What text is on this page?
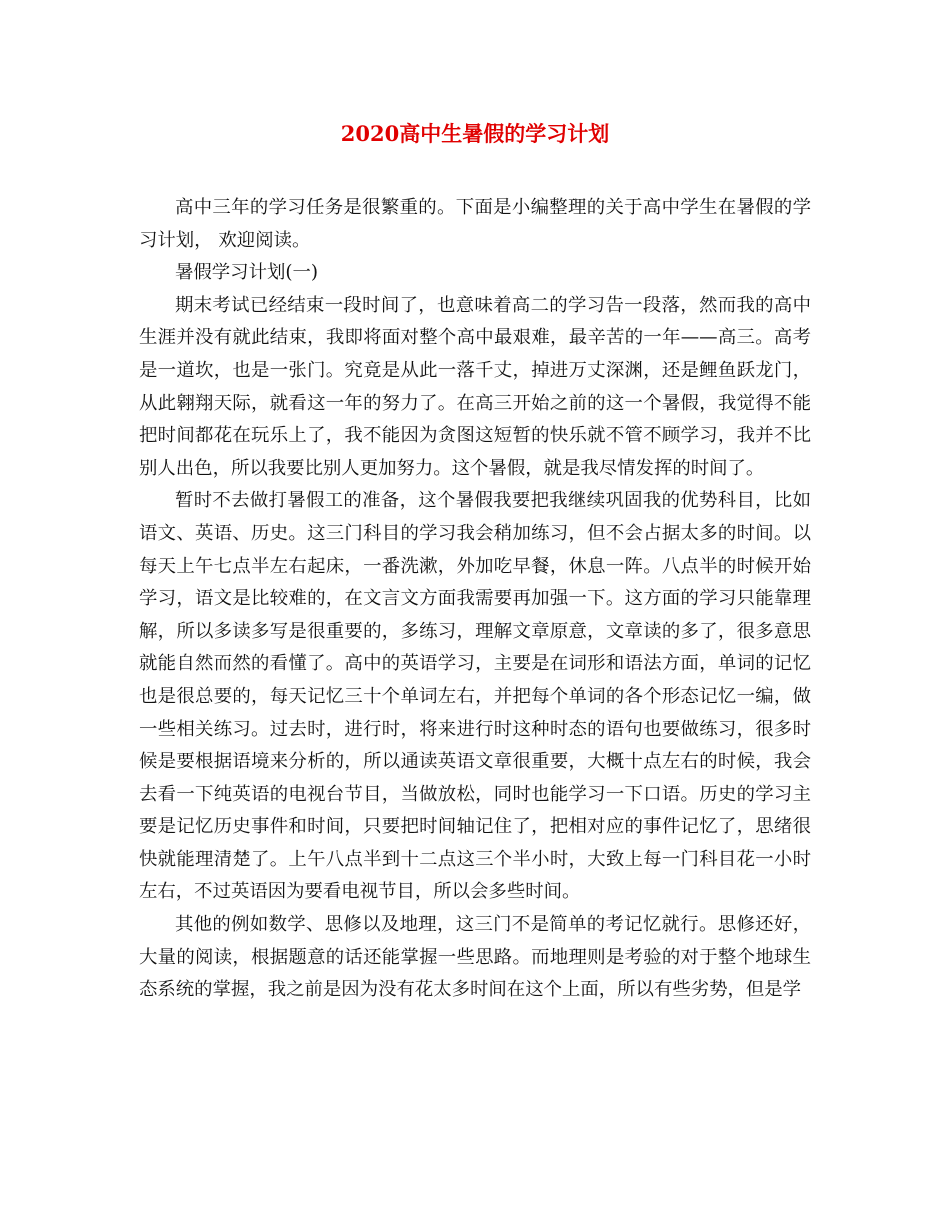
2020高中生暑假的学习计划

高中三年的学习任务是很繁重的。下面是小编整理的关于高中学生在暑假的学习计划， 欢迎阅读。

暑假学习计划(一)

期末考试已经结束一段时间了，也意味着高二的学习告一段落，然而我的高中生涯并没有就此结束，我即将面对整个高中最艰难，最辛苦的一年——高三。高考是一道坎，也是一张门。究竟是从此一落千丈，掉进万丈深渊，还是鲤鱼跃龙门，从此翱翔天际，就看这一年的努力了。在高三开始之前的这一个暑假，我觉得不能把时间都花在玩乐上了，我不能因为贪图这短暂的快乐就不管不顾学习，我并不比别人出色，所以我要比别人更加努力。这个暑假，就是我尽情发挥的时间了。

暂时不去做打暑假工的准备，这个暑假我要把我继续巩固我的优势科目，比如语文、英语、历史。这三门科目的学习我会稍加练习，但不会占据太多的时间。以每天上午七点半左右起床，一番洗漱，外加吃早餐，休息一阵。八点半的时候开始学习，语文是比较难的，在文言文方面我需要再加强一下。这方面的学习只能靠理解，所以多读多写是很重要的，多练习，理解文章原意，文章读的多了，很多意思就能自然而然的看懂了。高中的英语学习，主要是在词形和语法方面，单词的记忆也是很总要的，每天记忆三十个单词左右，并把每个单词的各个形态记忆一编，做一些相关练习。过去时，进行时，将来进行时这种时态的语句也要做练习，很多时候是要根据语境来分析的，所以通读英语文章很重要，大概十点左右的时候，我会去看一下纯英语的电视台节目，当做放松，同时也能学习一下口语。历史的学习主要是记忆历史事件和时间，只要把时间轴记住了，把相对应的事件记忆了，思绪很快就能理清楚了。上午八点半到十二点这三个半小时，大致上每一门科目花一小时左右，不过英语因为要看电视节目，所以会多些时间。

其他的例如数学、思修以及地理，这三门不是简单的考记忆就行。思修还好，大量的阅读，根据题意的话还能掌握一些思路。而地理则是考验的对于整个地球生态系统的掌握，我之前是因为没有花太多时间在这个上面，所以有些劣势，但是学
